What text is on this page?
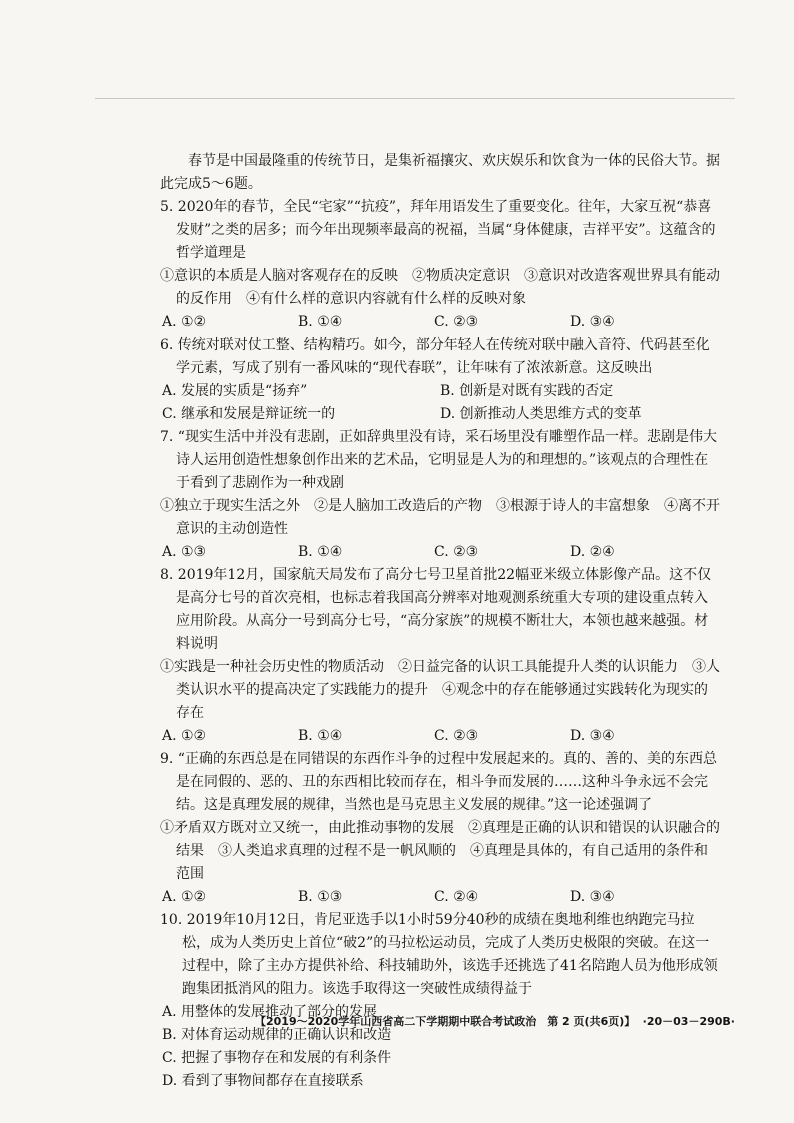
春节是中国最隆重的传统节日，是集祈福攘灾、欢庆娱乐和饮食为一体的民俗大节。据此完成5～6题。

5. 2020年的春节，全民“宅家”“抗疫”，拜年用语发生了重要变化。往年，大家互祝“恭喜发财”之类的居多；而今年出现频率最高的祝福，当属“身体健康，吉祥平安”。这蕴含的哲学道理是
①意识的本质是人脑对客观存在的反映　②物质决定意识　③意识对改造客观世界具有能动的反作用　④有什么样的意识内容就有什么样的反映对象
A. ①②	B. ①④	C. ②③	D. ③④
6. 传统对联对仗工整、结构精巧。如今，部分年轻人在传统对联中融入音符、代码甚至化学元素，写成了别有一番风味的“现代春联”，让年味有了浓浓新意。这反映出
A. 发展的实质是“扬弃”	B. 创新是对既有实践的否定
C. 继承和发展是辩证统一的	D. 创新推动人类思维方式的变革
7. “现实生活中并没有悲剧，正如辞典里没有诗，采石场里没有雕塑作品一样。悲剧是伟大诗人运用创造性想象创作出来的艺术品，它明显是人为的和理想的。”该观点的合理性在于看到了悲剧作为一种戏剧
①独立于现实生活之外　②是人脑加工改造后的产物　③根源于诗人的丰富想象　④离不开意识的主动创造性
A. ①③	B. ①④	C. ②③	D. ②④
8. 2019年12月，国家航天局发布了高分七号卫星首批22幅亚米级立体影像产品。这不仅是高分七号的首次亮相，也标志着我国高分辨率对地观测系统重大专项的建设重点转入应用阶段。从高分一号到高分七号，“高分家族”的规模不断壮大，本领也越来越强。材料说明
①实践是一种社会历史性的物质活动　②日益完备的认识工具能提升人类的认识能力　③人类认识水平的提高决定了实践能力的提升　④观念中的存在能够通过实践转化为现实的存在
A. ①②	B. ①④	C. ②③	D. ③④
9. “正确的东西总是在同错误的东西作斗争的过程中发展起来的。真的、善的、美的东西总是在同假的、恶的、丑的东西相比较而存在，相斗争而发展的……这种斗争永远不会完结。这是真理发展的规律，当然也是马克思主义发展的规律。”这一论述强调了
①矛盾双方既对立又统一，由此推动事物的发展　②真理是正确的认识和错误的认识融合的结果　③人类追求真理的过程不是一帆风顺的　④真理是具体的，有自己适用的条件和范围
A. ①②	B. ①③	C. ②④	D. ③④
10. 2019年10月12日，肯尼亚选手以1小时59分40秒的成绩在奥地利维也纳跑完马拉松，成为人类历史上首位“破2”的马拉松运动员，完成了人类历史极限的突破。在这一过程中，除了主办方提供补给、科技辅助外，该选手还挑选了41名陪跑人员为他形成领跑集团抵消风的阻力。该选手取得这一突破性成绩得益于
A. 用整体的发展推动了部分的发展
B. 对体育运动规律的正确认识和改造
C. 把握了事物存在和发展的有利条件
D. 看到了事物间都存在直接联系
【2019～2020学年山西省高二下学期期中联合考试政治　第 2 页(共6页)】 ·20－03－290B·
